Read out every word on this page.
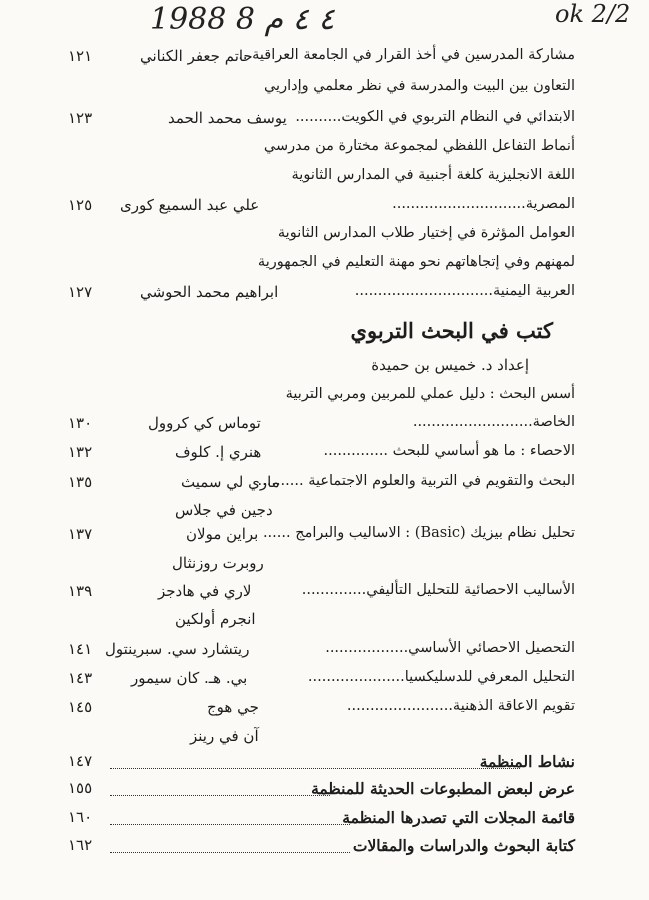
ok 2/2
1988 8 ‏م‎ ٤ ٤
مشاركة المدرسين في أخذ القرار في الجامعة العراقية ..
حاتم جعفر الكناني
١٢١
التعاون بين البيت والمدرسة في نظر معلمي وإداريي
الابتدائي في النظام التربوي في الكويت..........
يوسف محمد الحمد
١٢٣
أنماط التفاعل اللفظي لمجموعة مختارة من مدرسي
اللغة الانجليزية كلغة أجنبية في المدارس الثانوية
المصرية.............................
علي عبد السميع كورى
١٢٥
العوامل المؤثرة في إختيار طلاب المدارس الثانوية
لمهنهم وفي إتجاهاتهم نحو مهنة التعليم في الجمهورية
العربية اليمنية..............................
ابراهيم محمد الحوشي
١٢٧
كتب في البحث التربوي
إعداد د. خميس بن حميدة
أسس البحث : دليل عملي للمربين ومربي التربية
الخاصة..........................
توماس كي كروول
١٣٠
الاحصاء : ما هو أساسي للبحث ..............
هنري إ. كلوف
١٣٢
البحث والتقويم في التربية والعلوم الاجتماعية ..........
ماري لي سميث
١٣٥
دجين في جلاس
تحليل نظام بيزيك (Basic) : الاساليب والبرامج ......
براين مولان
١٣٧
روبرت روزنثال
الأساليب الاحصائية للتحليل التأليفي..............
لاري في هادجز
١٣٩
انجرم أولكين
التحصيل الاحصائي الأساسي..................
ريتشارد سي. سبرينتول
١٤١
التحليل المعرفي للدسليكسيا.....................
بي. هـ. كان سيمور
١٤٣
تقويم الاعاقة الذهنية.......................
جي هوج
١٤٥
آن في رينز
نشاط المنظمة
١٤٧
عرض لبعض المطبوعات الحديثة للمنظمة
١٥٥
قائمة المجلات التي تصدرها المنظمة
١٦٠
كتابة البحوث والدراسات والمقالات
١٦٢
